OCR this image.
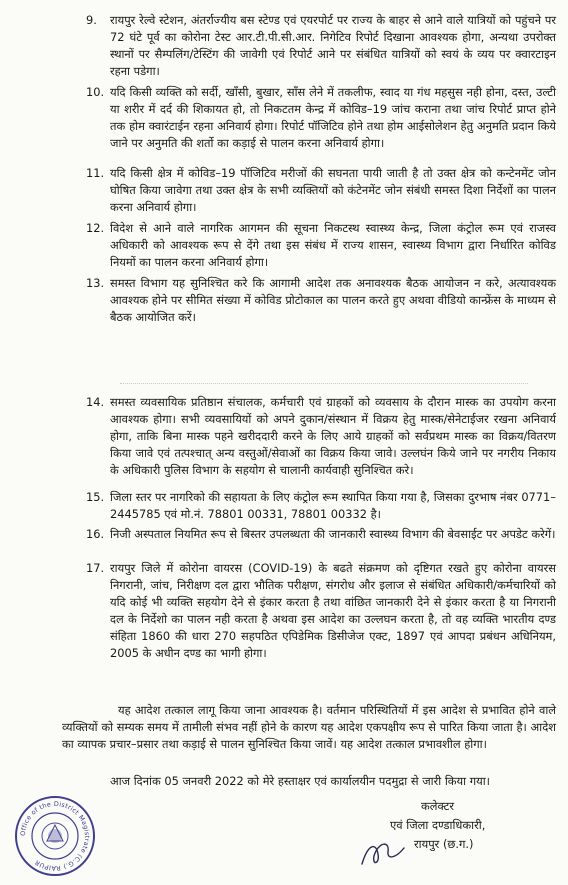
9.	रायपुर रेल्वे स्टेशन, अंतर्राज्यीय बस स्टेण्ड एवं एयरपोर्ट पर राज्य के बाहर से आने वाले यात्रियों को पहुंचने पर 72 घंटे पूर्व का कोरोना टेस्ट आर.टी.पी.सी.आर. निगेटिव रिपोर्ट दिखाना आवश्यक होगा, अन्यथा उपरोक्त स्थानों पर सैम्पलिंग/टेस्टिंग की जावेगी एवं रिपोर्ट आने पर संबंधित यात्रियों को स्वयं के व्यय पर क्वारटाइन रहना पडेगा।
10. यदि किसी व्यक्ति को सर्दी, खाँसी, बुखार, साँस लेने में तकलीफ, स्वाद या गंध महसुस नही होना, दस्त, उल्टी या शरीर में दर्द की शिकायत हो, तो निकटतम केन्द्र में कोविड–19 जांच कराना तथा जांच रिपोर्ट प्राप्त होने तक होम क्वारंटाईन रहना अनिवार्य होगा। रिपोर्ट पॉजिटिव होने तथा होम आईसोलेशन हेतु अनुमति प्रदान किये जाने पर अनुमति की शर्तो का कड़ाई से पालन करना अनिवार्य होगा।
11. यदि किसी क्षेत्र में कोविड–19 पॉजिटिव मरीजों की सघनता पायी जाती है तो उक्त क्षेत्र को कन्टेनमेंट जोन घोषित किया जावेगा तथा उक्त क्षेत्र के सभी व्यक्तियों को कंटेनमेंट जोन संबंधी समस्त दिशा निर्देशों का पालन करना अनिवार्य होगा।
12. विदेश से आने वाले नागरिक आगमन की सूचना निकटस्थ स्वास्थ्य केन्द्र, जिला कंट्रोल रूम एवं राजस्व अधिकारी को आवश्यक रूप से देंगे तथा इस संबंध में राज्य शासन, स्वास्थ्य विभाग द्वारा निर्धारित कोविड नियमों का पालन करना अनिवार्य होगा।
13. समस्त विभाग यह सुनिश्चित करे कि आगामी आदेश तक अनावश्यक बैठक आयोजन न करे, अत्यावश्यक आवश्यक होने पर सीमित संख्या में कोविड प्रोटोकाल का पालन करते हुए अथवा वीडियो कान्फ्रेंस के माध्यम से बैठक आयोजित करें।
14. समस्त व्यवसायिक प्रतिष्ठान संचालक, कर्मचारी एवं ग्राहकों को व्यवसाय के दौरान मास्क का उपयोग करना आवश्यक होगा। सभी व्यवसायियों को अपने दुकान/संस्थान में विक्रय हेतु मास्क/सेनेटाईजर रखना अनिवार्य होगा, ताकि बिना मास्क पहने खरीददारी करने के लिए आये ग्राहकों को सर्वप्रथम मास्क का विक्रय/वितरण किया जावे एवं तत्पश्चात् अन्य वस्तुओं/सेवाओं का विक्रय किया जावे। उल्लघंन किये जाने पर नगरीय निकाय के अधिकारी पुलिस विभाग के सहयोग से चालानी कार्यवाही सुनिश्चित करे।
15. जिला स्तर पर नागरिको की सहायता के लिए कंट्रोल रूम स्थापित किया गया है, जिसका दुरभाष नंबर 0771– 2445785 एवं मो.नं. 78801 00331, 78801 00332 है।
16. निजी अस्पताल नियमित रूप से बिस्तर उपलब्धता की जानकारी स्वास्थ्य विभाग की बेवसाईट पर अपडेट करेगें।
17. रायपुर जिले में कोरोना वायरस (COVID-19) के बढते संक्रमण को दृष्टिगत रखते हुए कोरोना वायरस निगरानी, जांच, निरीक्षण दल द्वारा भौतिक परीक्षण, संगरोध और इलाज से संबंधित अधिकारी/कर्मचारियों को यदि कोई भी व्यक्ति सहयोग देने से इंकार करता है तथा वांछित जानकारी देने से इंकार करता है या निगरानी दल के निर्देशो का पालन नही करता है अथवा इस आदेश का उल्लघन करता है, तो वह व्यक्ति भारतीय दण्ड संहिता 1860 की धारा 270 सहपठित एपिडेमिक डिसीजेज एक्ट, 1897 एवं आपदा प्रबंधन अधिनियम, 2005 के अधीन दण्ड का भागी होगा।
यह आदेश तत्काल लागू किया जाना आवश्यक है। वर्तमान परिस्थितियों में इस आदेश से प्रभावित होने वाले व्यक्तियों को सम्यक समय में तामीली संभव नहीं होने के कारण यह आदेश एकपक्षीय रूप से पारित किया जाता है। आदेश का व्यापक प्रचार–प्रसार तथा कड़ाई से पालन सुनिश्चित किया जावें। यह आदेश तत्काल प्रभावशील होगा।
आज दिनांक 05 जनवरी 2022 को मेरे हस्ताक्षर एवं कार्यालयीन पदमुद्रा से जारी किया गया।
कलेक्टर
एवं जिला दण्डाधिकारी,
रायपुर (छ.ग.)
Office of the District Magistrate (C.G.) RAIPUR
